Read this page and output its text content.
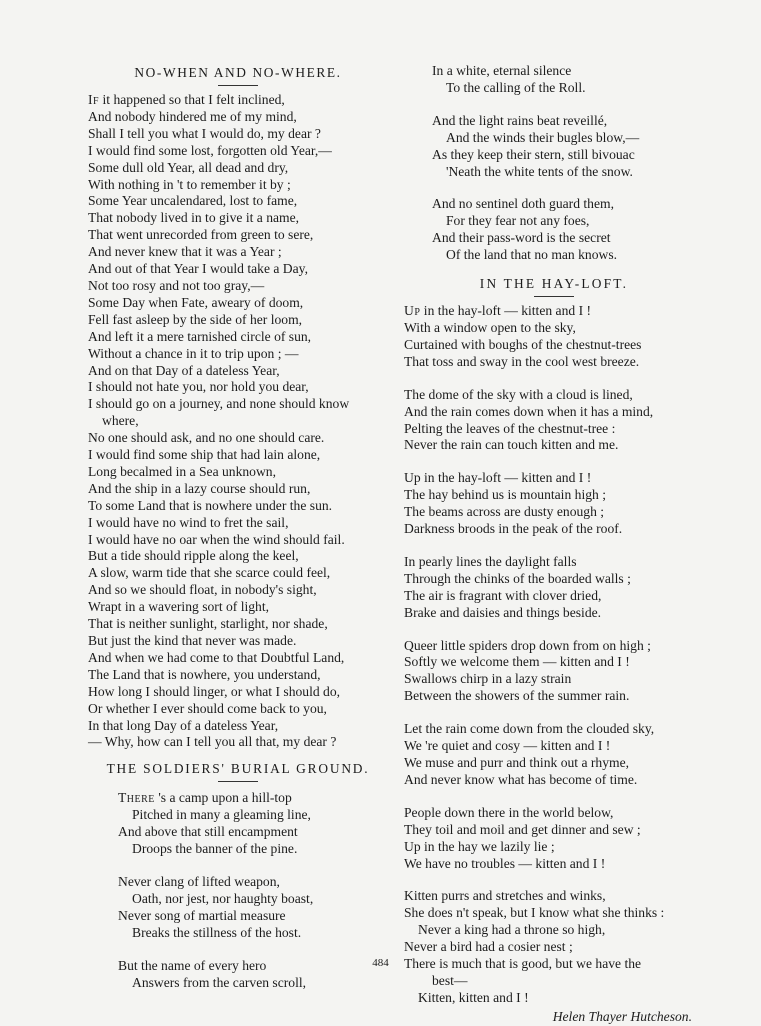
NO-WHEN AND NO-WHERE.
If it happened so that I felt inclined,
And nobody hindered me of my mind,
Shall I tell you what I would do, my dear ?
I would find some lost, forgotten old Year,—
Some dull old Year, all dead and dry,
With nothing in 't to remember it by ;
Some Year uncalendared, lost to fame,
That nobody lived in to give it a name,
That went unrecorded from green to sere,
And never knew that it was a Year ;
And out of that Year I would take a Day,
Not too rosy and not too gray,—
Some Day when Fate, aweary of doom,
Fell fast asleep by the side of her loom,
And left it a mere tarnished circle of sun,
Without a chance in it to trip upon ; —
And on that Day of a dateless Year,
I should not hate you, nor hold you dear,
I should go on a journey, and none should know
where,
No one should ask, and no one should care.
I would find some ship that had lain alone,
Long becalmed in a Sea unknown,
And the ship in a lazy course should run,
To some Land that is nowhere under the sun.
I would have no wind to fret the sail,
I would have no oar when the wind should fail.
But a tide should ripple along the keel,
A slow, warm tide that she scarce could feel,
And so we should float, in nobody's sight,
Wrapt in a wavering sort of light,
That is neither sunlight, starlight, nor shade,
But just the kind that never was made.
And when we had come to that Doubtful Land,
The Land that is nowhere, you understand,
How long I should linger, or what I should do,
Or whether I ever should come back to you,
In that long Day of a dateless Year,
— Why, how can I tell you all that, my dear ?
THE SOLDIERS' BURIAL GROUND.
There 's a camp upon a hill-top
Pitched in many a gleaming line,
And above that still encampment
Droops the banner of the pine.
Never clang of lifted weapon,
Oath, nor jest, nor haughty boast,
Never song of martial measure
Breaks the stillness of the host.
But the name of every hero
Answers from the carven scroll,
In a white, eternal silence
To the calling of the Roll.
And the light rains beat reveillé,
And the winds their bugles blow,—
As they keep their stern, still bivouac
'Neath the white tents of the snow.
And no sentinel doth guard them,
For they fear not any foes,
And their pass-word is the secret
Of the land that no man knows.
IN THE HAY-LOFT.
Up in the hay-loft — kitten and I !
With a window open to the sky,
Curtained with boughs of the chestnut-trees
That toss and sway in the cool west breeze.
The dome of the sky with a cloud is lined,
And the rain comes down when it has a mind,
Pelting the leaves of the chestnut-tree :
Never the rain can touch kitten and me.
Up in the hay-loft — kitten and I !
The hay behind us is mountain high ;
The beams across are dusty enough ;
Darkness broods in the peak of the roof.
In pearly lines the daylight falls
Through the chinks of the boarded walls ;
The air is fragrant with clover dried,
Brake and daisies and things beside.
Queer little spiders drop down from on high ;
Softly we welcome them — kitten and I !
Swallows chirp in a lazy strain
Between the showers of the summer rain.
Let the rain come down from the clouded sky,
We 're quiet and cosy — kitten and I !
We muse and purr and think out a rhyme,
And never know what has become of time.
People down there in the world below,
They toil and moil and get dinner and sew ;
Up in the hay we lazily lie ;
We have no troubles — kitten and I !
Kitten purrs and stretches and winks,
She does n't speak, but I know what she thinks :
Never a king had a throne so high,
Never a bird had a cosier nest ;
There is much that is good, but we have the
best—
Kitten, kitten and I !
Helen Thayer Hutcheson.
484
